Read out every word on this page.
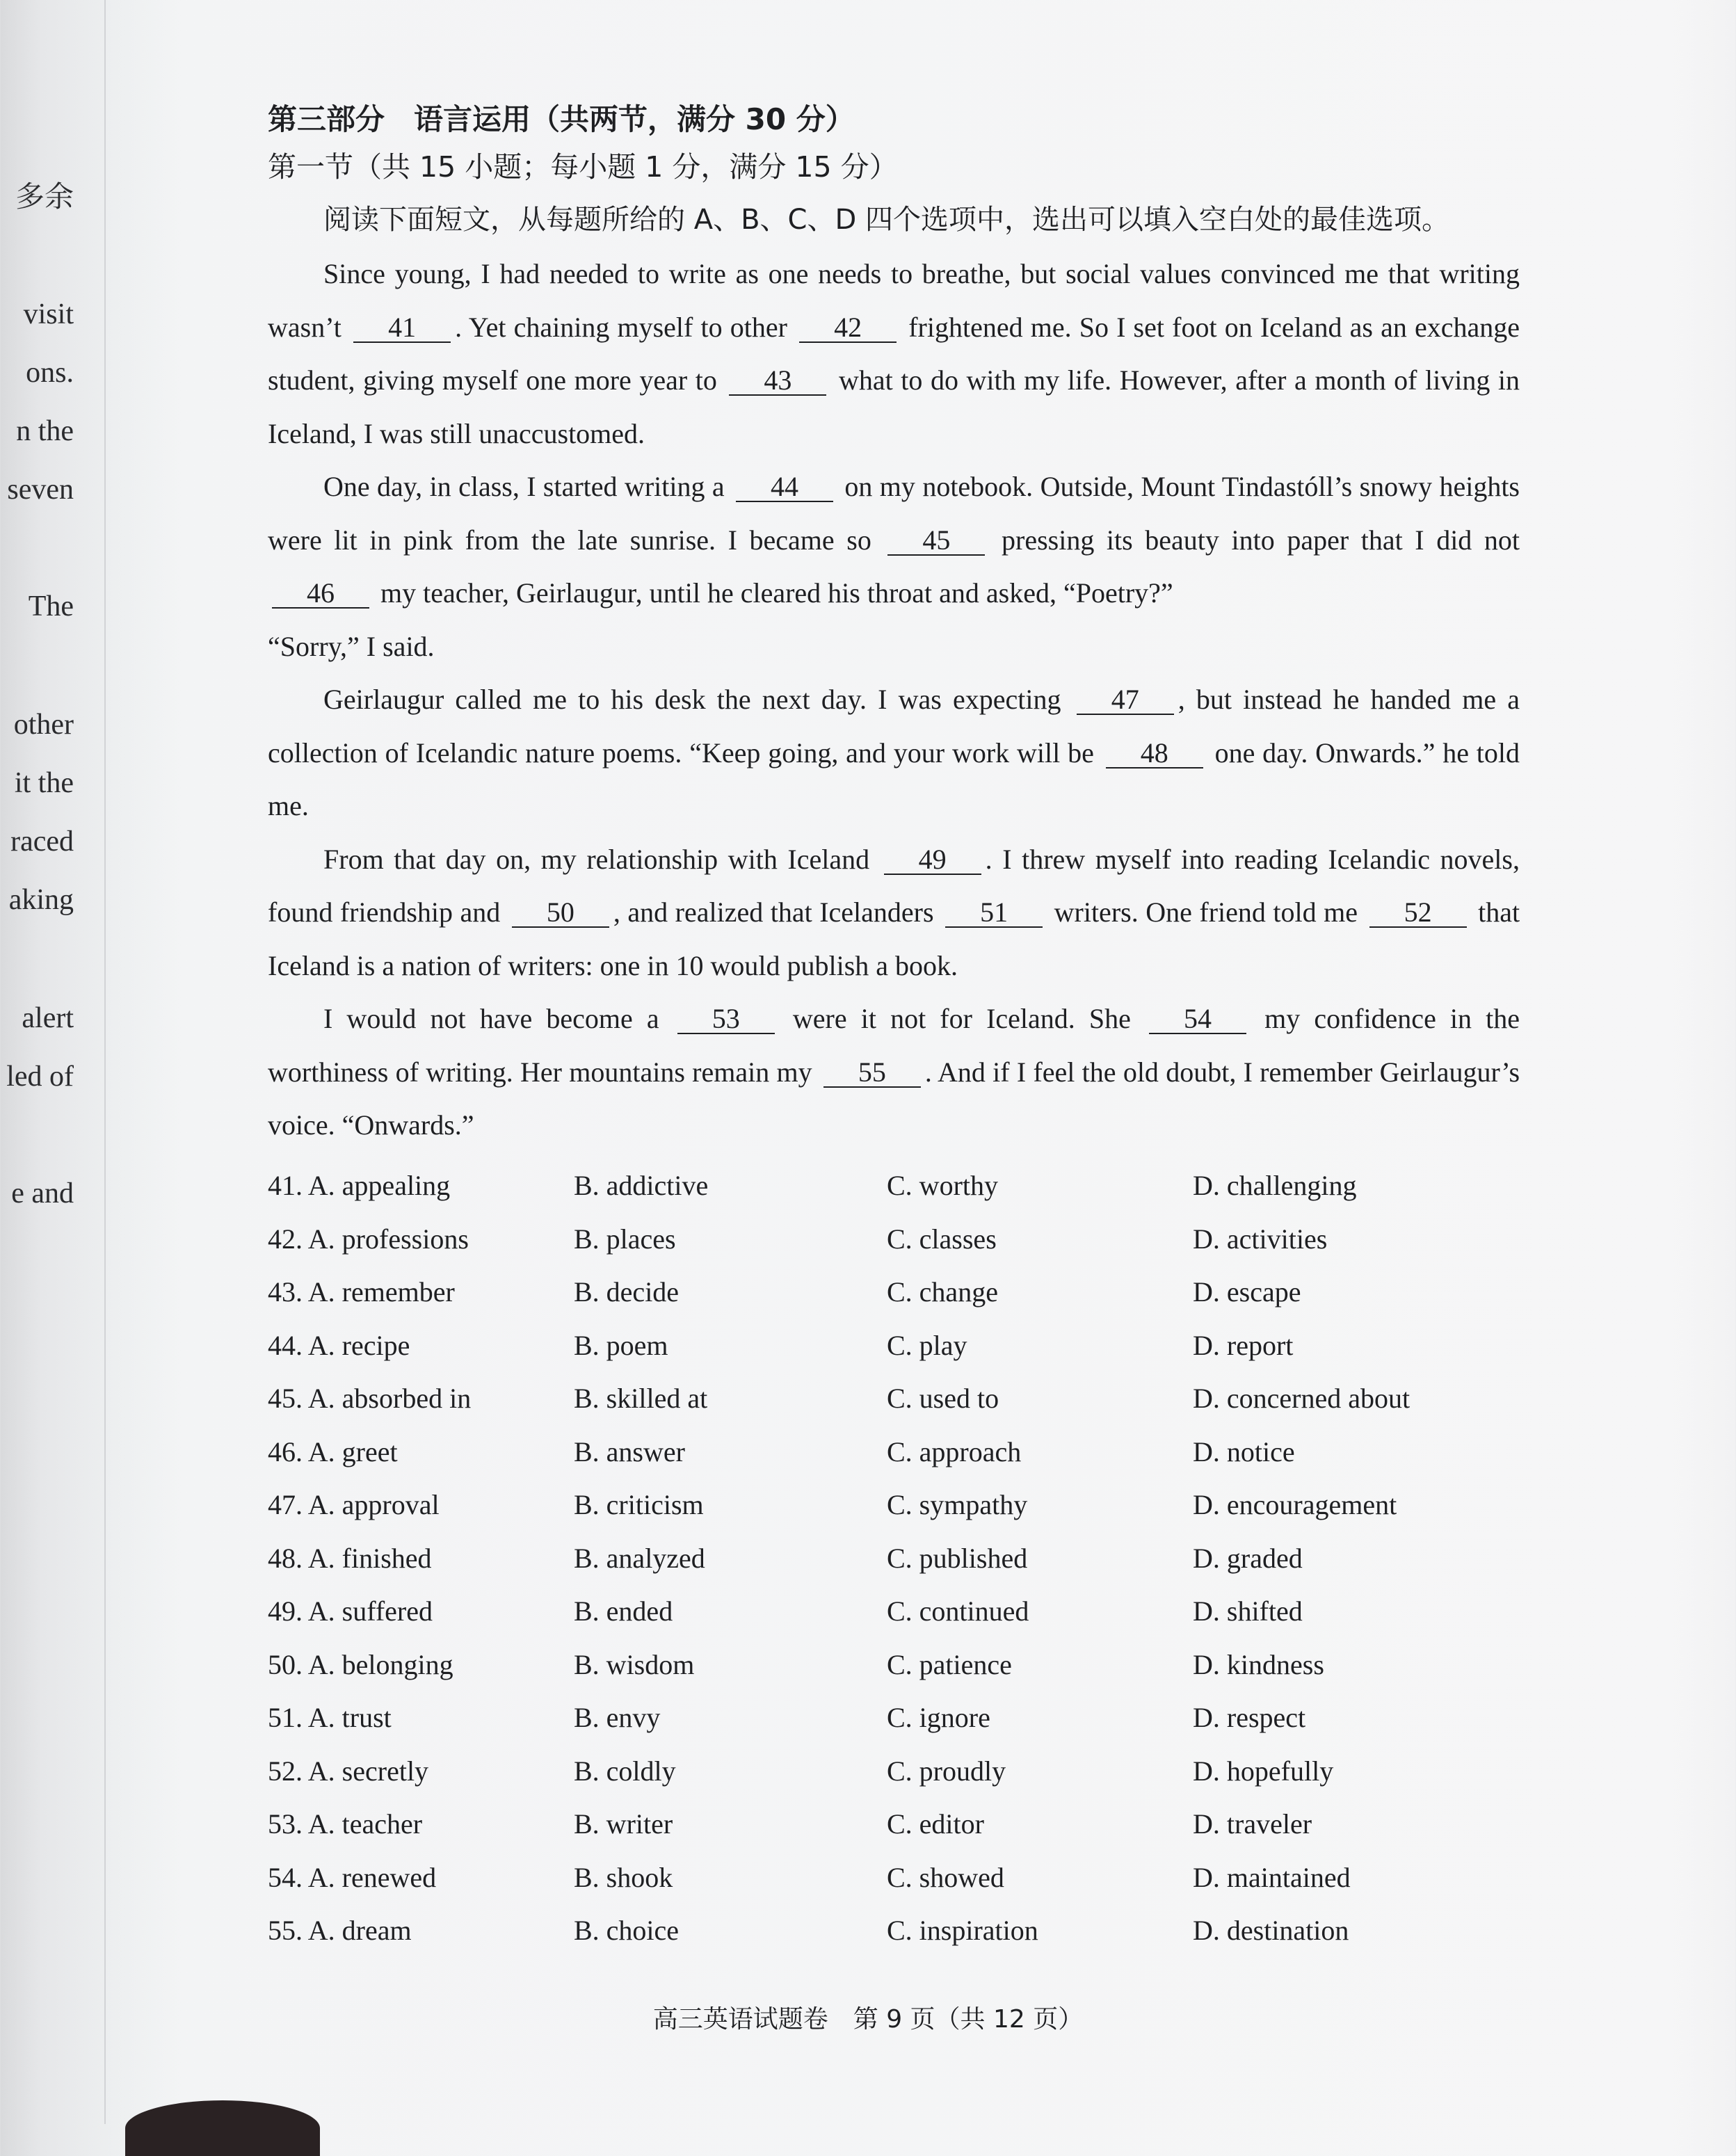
多余
visit
ons.
n the
seven
The
other
it the
raced
aking
alert
led of
e and
第三部分　语言运用（共两节，满分 30 分）
第一节（共 15 小题；每小题 1 分，满分 15 分）
阅读下面短文，从每题所给的 A、B、C、D 四个选项中，选出可以填入空白处的最佳选项。

Since young, I had needed to write as one needs to breathe, but social values convinced me that writing wasn’t 41 . Yet chaining myself to other 42 frightened me. So I set foot on Iceland as an exchange student, giving myself one more year to 43 what to do with my life. However, after a month of living in Iceland, I was still unaccustomed.

One day, in class, I started writing a 44 on my notebook. Outside, Mount Tindastóll’s snowy heights were lit in pink from the late sunrise. I became so 45 pressing its beauty into paper that I did not 46 my teacher, Geirlaugur, until he cleared his throat and asked, “Poetry?”

“Sorry,” I said.

Geirlaugur called me to his desk the next day. I was expecting 47 , but instead he handed me a collection of Icelandic nature poems. “Keep going, and your work will be 48 one day. Onwards.” he told me.

From that day on, my relationship with Iceland 49 . I threw myself into reading Icelandic novels, found friendship and 50 , and realized that Icelanders 51 writers. One friend told me 52 that Iceland is a nation of writers: one in 10 would publish a book.

I would not have become a 53 were it not for Iceland. She 54 my confidence in the worthiness of writing. Her mountains remain my 55 . And if I feel the old doubt, I remember Geirlaugur’s voice. “Onwards.”

41. A. appealing	B. addictive	C. worthy	D. challenging
42. A. professions	B. places	C. classes	D. activities
43. A. remember	B. decide	C. change	D. escape
44. A. recipe	B. poem	C. play	D. report
45. A. absorbed in	B. skilled at	C. used to	D. concerned about
46. A. greet	B. answer	C. approach	D. notice
47. A. approval	B. criticism	C. sympathy	D. encouragement
48. A. finished	B. analyzed	C. published	D. graded
49. A. suffered	B. ended	C. continued	D. shifted
50. A. belonging	B. wisdom	C. patience	D. kindness
51. A. trust	B. envy	C. ignore	D. respect
52. A. secretly	B. coldly	C. proudly	D. hopefully
53. A. teacher	B. writer	C. editor	D. traveler
54. A. renewed	B. shook	C. showed	D. maintained
55. A. dream	B. choice	C. inspiration	D. destination
高三英语试题卷　第 9 页（共 12 页）
